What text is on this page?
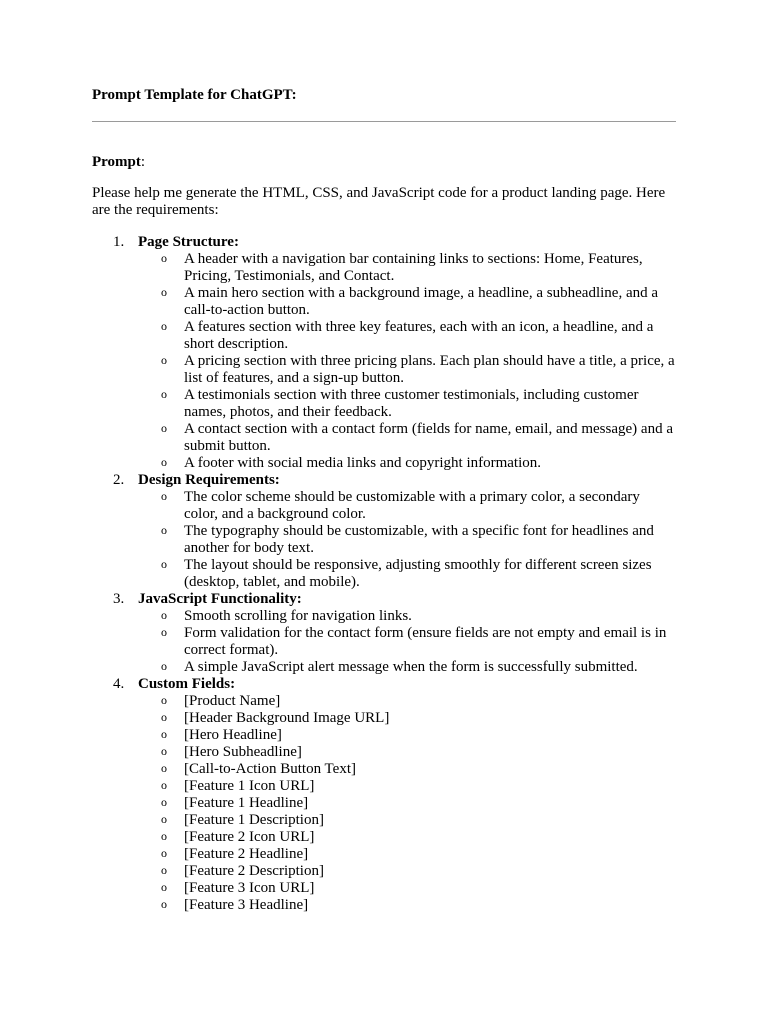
Prompt Template for ChatGPT:

Prompt:
Please help me generate the HTML, CSS, and JavaScript code for a product landing page. Here are the requirements:
1. Page Structure:
o A header with a navigation bar containing links to sections: Home, Features, Pricing, Testimonials, and Contact.
o A main hero section with a background image, a headline, a subheadline, and a call-to-action button.
o A features section with three key features, each with an icon, a headline, and a short description.
o A pricing section with three pricing plans. Each plan should have a title, a price, a list of features, and a sign-up button.
o A testimonials section with three customer testimonials, including customer names, photos, and their feedback.
o A contact section with a contact form (fields for name, email, and message) and a submit button.
o A footer with social media links and copyright information.
2. Design Requirements:
o The color scheme should be customizable with a primary color, a secondary color, and a background color.
o The typography should be customizable, with a specific font for headlines and another for body text.
o The layout should be responsive, adjusting smoothly for different screen sizes (desktop, tablet, and mobile).
3. JavaScript Functionality:
o Smooth scrolling for navigation links.
o Form validation for the contact form (ensure fields are not empty and email is in correct format).
o A simple JavaScript alert message when the form is successfully submitted.
4. Custom Fields:
o [Product Name]
o [Header Background Image URL]
o [Hero Headline]
o [Hero Subheadline]
o [Call-to-Action Button Text]
o [Feature 1 Icon URL]
o [Feature 1 Headline]
o [Feature 1 Description]
o [Feature 2 Icon URL]
o [Feature 2 Headline]
o [Feature 2 Description]
o [Feature 3 Icon URL]
o [Feature 3 Headline]
